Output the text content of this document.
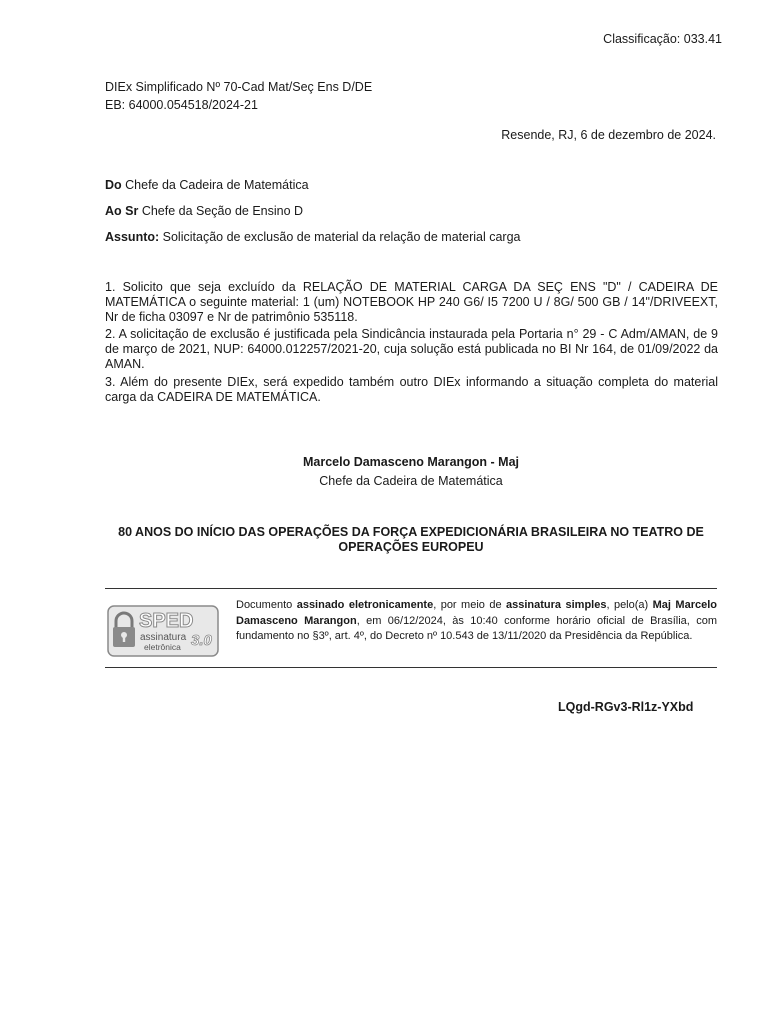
Classificação: 033.41
DIEx Simplificado Nº 70-Cad Mat/Seç Ens D/DE
EB: 64000.054518/2024-21
Resende, RJ, 6 de dezembro de 2024.
Do Chefe da Cadeira de Matemática
Ao Sr Chefe da Seção de Ensino D
Assunto: Solicitação de exclusão de material da relação de material carga
1. Solicito que seja excluído da RELAÇÃO DE MATERIAL CARGA DA SEÇ ENS "D" / CADEIRA DE MATEMÁTICA o seguinte material: 1 (um) NOTEBOOK HP 240 G6/ I5 7200 U / 8G/ 500 GB / 14"/DRIVEEXT, Nr de ficha 03097 e Nr de patrimônio 535118.
2. A solicitação de exclusão é justificada pela Sindicância instaurada pela Portaria n° 29 - C Adm/AMAN, de 9 de março de 2021, NUP: 64000.012257/2021-20, cuja solução está publicada no BI Nr 164, de 01/09/2022 da AMAN.
3. Além do presente DIEx, será expedido também outro DIEx informando a situação completa do material carga da CADEIRA DE MATEMÁTICA.
Marcelo Damasceno Marangon - Maj
Chefe da Cadeira de Matemática
80 ANOS DO INÍCIO DAS OPERAÇÕES DA FORÇA EXPEDICIONÁRIA BRASILEIRA NO TEATRO DE OPERAÇÕES EUROPEU
SPED
assinatura
eletrônica 3.0
Documento assinado eletronicamente, por meio de assinatura simples, pelo(a) Maj Marcelo Damasceno Marangon, em 06/12/2024, às 10:40 conforme horário oficial de Brasília, com fundamento no §3º, art. 4º, do Decreto nº 10.543 de 13/11/2020 da Presidência da República.
LQgd-RGv3-Rl1z-YXbd
